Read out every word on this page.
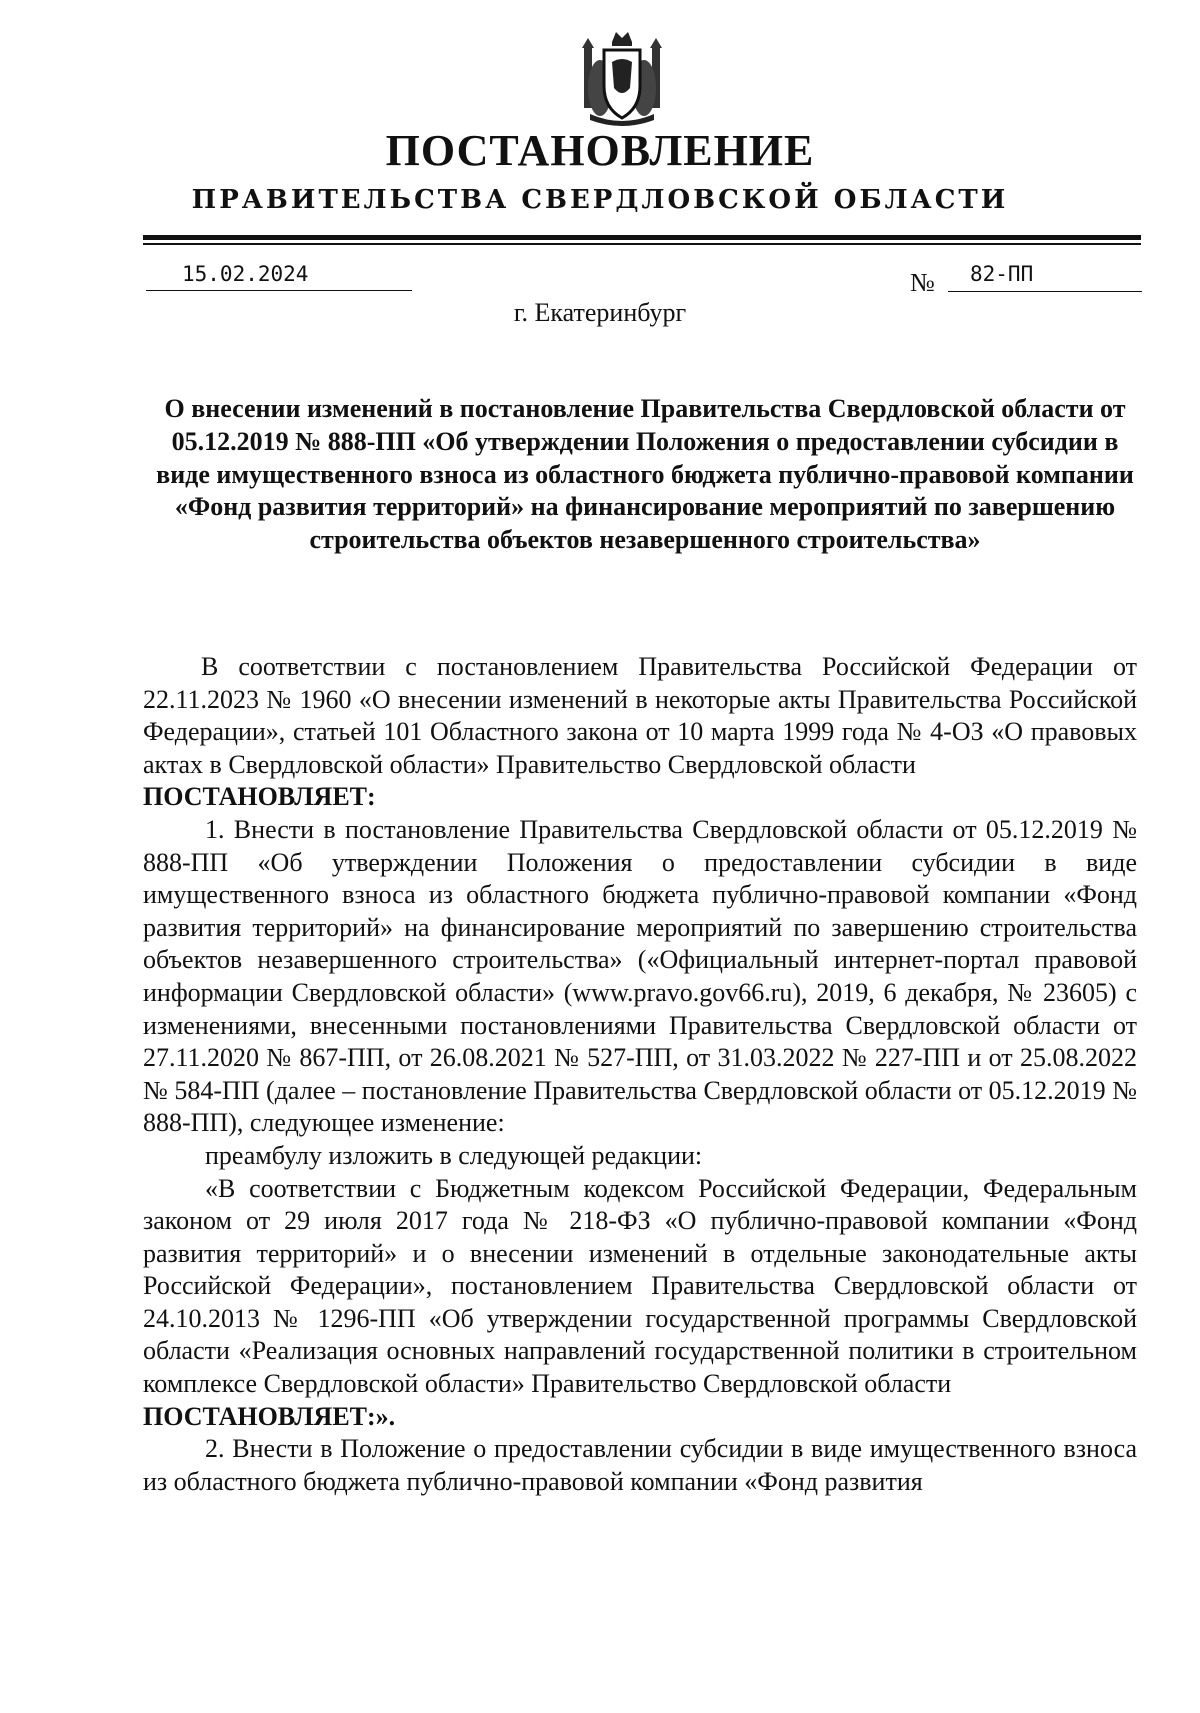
ПОСТАНОВЛЕНИЕ
ПРАВИТЕЛЬСТВА СВЕРДЛОВСКОЙ ОБЛАСТИ
15.02.2024	№ 82-ПП
г. Екатеринбург

О внесении изменений в постановление Правительства Свердловской области от 05.12.2019 № 888-ПП «Об утверждении Положения о предоставлении субсидии в виде имущественного взноса из областного бюджета публично-правовой компании «Фонд развития территорий» на финансирование мероприятий по завершению строительства объектов незавершенного строительства»

В соответствии с постановлением Правительства Российской Федерации от 22.11.2023 № 1960 «О внесении изменений в некоторые акты Правительства Российской Федерации», статьей 101 Областного закона от 10 марта 1999 года № 4-ОЗ «О правовых актах в Свердловской области» Правительство Свердловской области

ПОСТАНОВЛЯЕТ:

1. Внести в постановление Правительства Свердловской области от 05.12.2019 № 888-ПП «Об утверждении Положения о предоставлении субсидии в виде имущественного взноса из областного бюджета публично-правовой компании «Фонд развития территорий» на финансирование мероприятий по завершению строительства объектов незавершенного строительства» («Официальный интернет-портал правовой информации Свердловской области» (www.pravo.gov66.ru), 2019, 6 декабря, № 23605) с изменениями, внесенными постановлениями Правительства Свердловской области от 27.11.2020 № 867-ПП, от 26.08.2021 № 527-ПП, от 31.03.2022 № 227-ПП и от 25.08.2022 № 584-ПП (далее – постановление Правительства Свердловской области от 05.12.2019 № 888-ПП), следующее изменение:

преамбулу изложить в следующей редакции:

«В соответствии с Бюджетным кодексом Российской Федерации, Федеральным законом от 29 июля 2017 года № 218-ФЗ «О публично-правовой компании «Фонд развития территорий» и о внесении изменений в отдельные законодательные акты Российской Федерации», постановлением Правительства Свердловской области от 24.10.2013 № 1296-ПП «Об утверждении государственной программы Свердловской области «Реализация основных направлений государственной политики в строительном комплексе Свердловской области» Правительство Свердловской области

ПОСТАНОВЛЯЕТ:».

2. Внести в Положение о предоставлении субсидии в виде имущественного взноса из областного бюджета публично-правовой компании «Фонд развития
